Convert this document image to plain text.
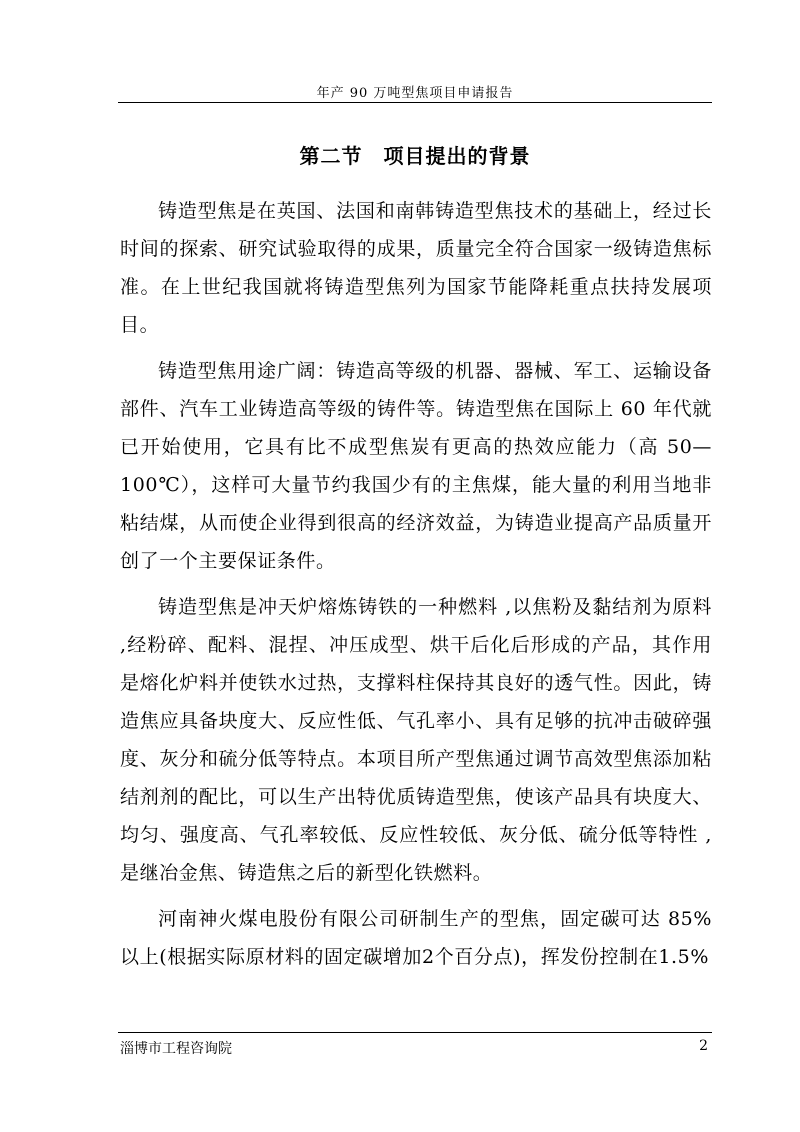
年产 90 万吨型焦项目申请报告
第二节　项目提出的背景

铸造型焦是在英国、法国和南韩铸造型焦技术的基础上，经过长时间的探索、研究试验取得的成果，质量完全符合国家一级铸造焦标准。在上世纪我国就将铸造型焦列为国家节能降耗重点扶持发展项目。

铸造型焦用途广阔：铸造高等级的机器、器械、军工、运输设备部件、汽车工业铸造高等级的铸件等。铸造型焦在国际上 60 年代就已开始使用，它具有比不成型焦炭有更高的热效应能力（高 50—100℃），这样可大量节约我国少有的主焦煤，能大量的利用当地非粘结煤，从而使企业得到很高的经济效益，为铸造业提高产品质量开创了一个主要保证条件。

铸造型焦是冲天炉熔炼铸铁的一种燃料 ,以焦粉及黏结剂为原料 ,经粉碎、配料、混捏、冲压成型、烘干后化后形成的产品，其作用是熔化炉料并使铁水过热，支撑料柱保持其良好的透气性。因此，铸造焦应具备块度大、反应性低、气孔率小、具有足够的抗冲击破碎强度、灰分和硫分低等特点。本项目所产型焦通过调节高效型焦添加粘结剂剂的配比，可以生产出特优质铸造型焦，使该产品具有块度大、均匀、强度高、气孔率较低、反应性较低、灰分低、硫分低等特性 ,是继冶金焦、铸造焦之后的新型化铁燃料。

河南神火煤电股份有限公司研制生产的型焦，固定碳可达 85%以上(根据实际原材料的固定碳增加2个百分点)，挥发份控制在1.5%

淄博市工程咨询院	2
